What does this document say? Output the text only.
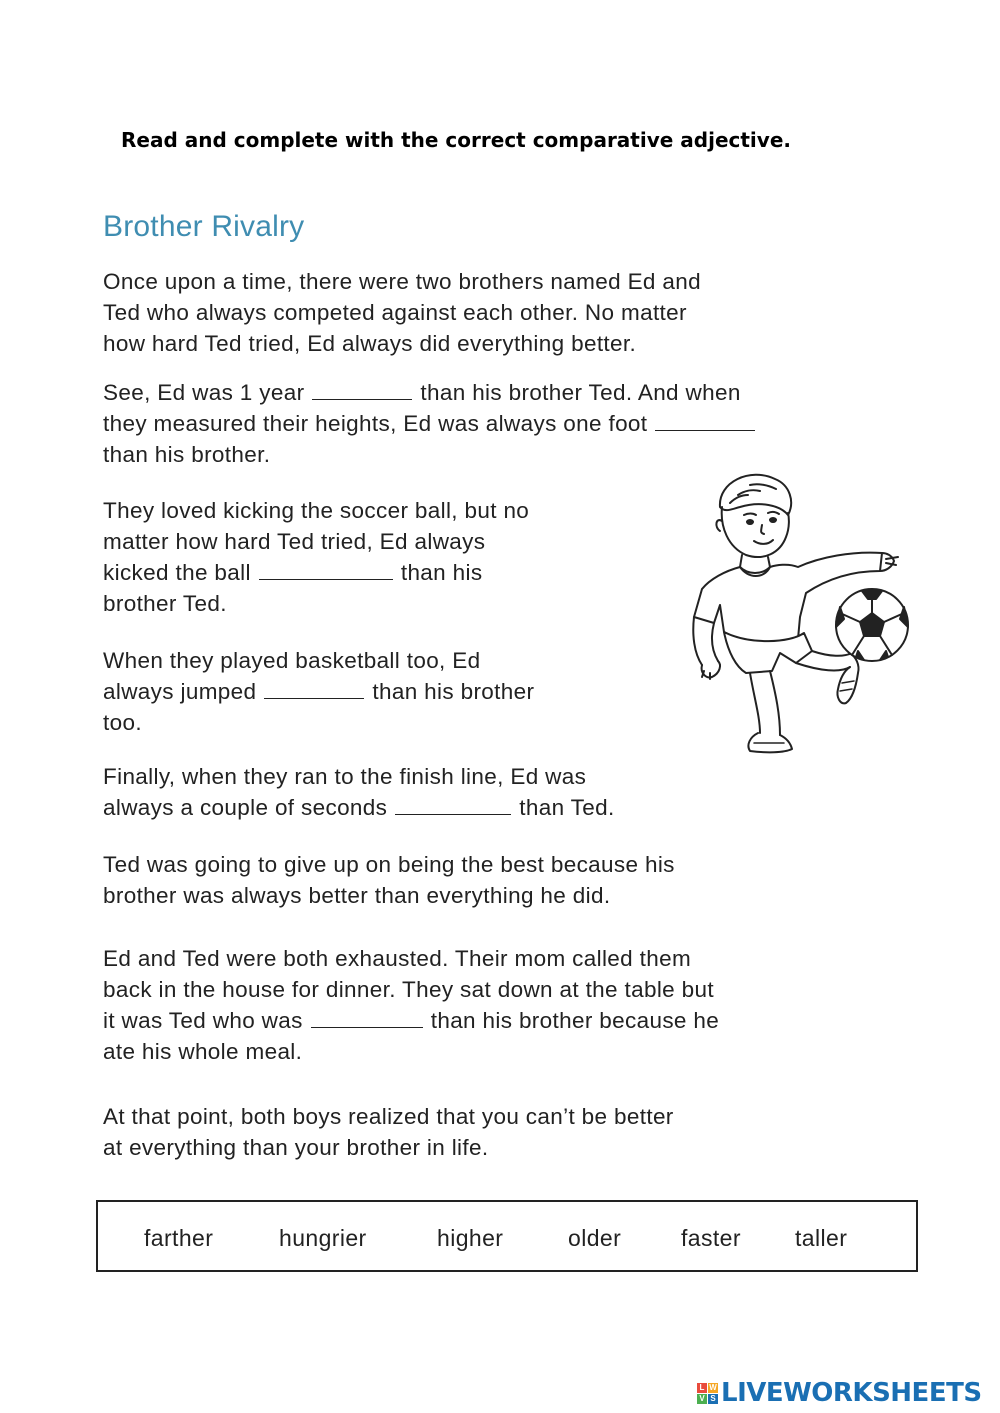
Read and complete with the correct comparative adjective.
Brother Rivalry
Once upon a time, there were two brothers named Ed and
Ted who always competed against each other. No matter
how hard Ted tried, Ed always did everything better.
See, Ed was 1 year	than his brother Ted. And when
they measured their heights, Ed was always one foot
than his brother.
They loved kicking the soccer ball, but no
matter how hard Ted tried, Ed always
kicked the ball	than his
brother Ted.
When they played basketball too, Ed
always jumped	than his brother
too.
Finally, when they ran to the finish line, Ed was
always a couple of seconds	than Ted.
Ted was going to give up on being the best because his
brother was always better than everything he did.
Ed and Ted were both exhausted. Their mom called them
back in the house for dinner. They sat down at the table but
it was Ted who was	than his brother because he
ate his whole meal.
At that point, both boys realized that you can’t be better
at everything than your brother in life.
farther	hungrier	higher	older	faster taller
L W
V S LIVEWORKSHEETS
